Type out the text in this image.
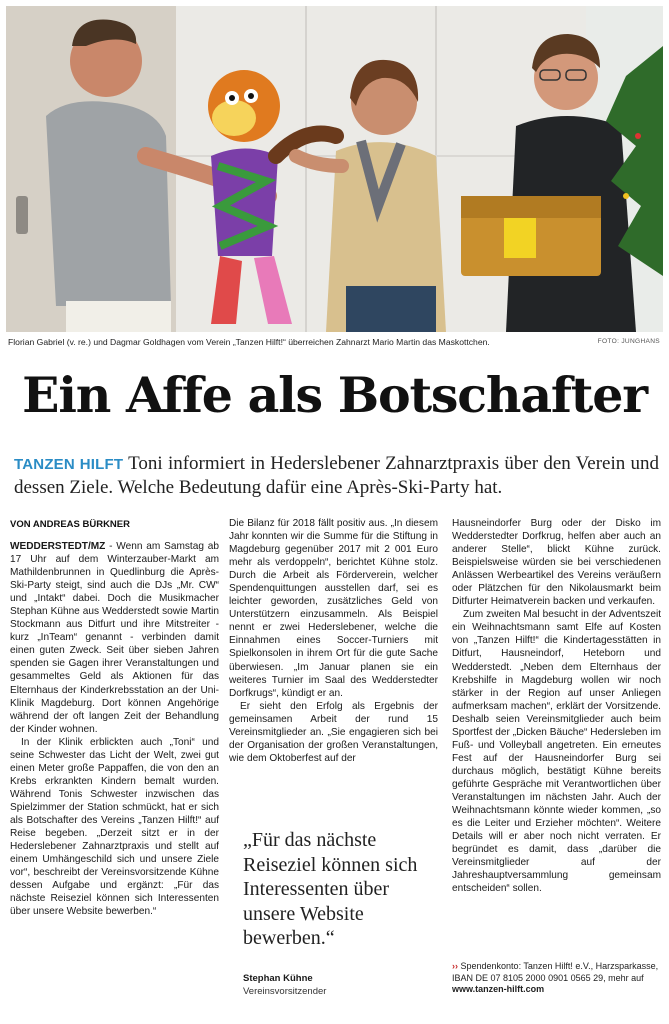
Florian Gabriel (v. re.) und Dagmar Goldhagen vom Verein „Tanzen Hilft!“ überreichen Zahnarzt Mario Martin das Maskottchen.	FOTO: JUNGHANS
Ein Affe als Botschafter
TANZEN HILFT Toni informiert in Hederslebener Zahnarztpraxis über den Verein und dessen Ziele. Welche Bedeutung dafür eine Après-Ski-Party hat.
VON ANDREAS BÜRKNER

WEDDERSTEDT/MZ - Wenn am Samstag ab 17 Uhr auf dem Winterzauber-Markt am Mathildenbrunnen in Quedlinburg die Après-Ski-Party steigt, sind auch die DJs „Mr. CW“ und „Intakt“ dabei. Doch die Musikmacher Stephan Kühne aus Wedderstedt sowie Martin Stockmann aus Ditfurt und ihre Mitstreiter - kurz „InTeam“ genannt - verbinden damit einen guten Zweck. Seit über sieben Jahren spenden sie Gagen ihrer Veranstaltungen und gesammeltes Geld als Aktionen für das Elternhaus der Kinderkrebsstation an der Uni-Klinik Magdeburg. Dort können Angehörige während der oft langen Zeit der Behandlung der Kinder wohnen.

In der Klinik erblickten auch „Toni“ und seine Schwester das Licht der Welt, zwei gut einen Meter große Pappaffen, die von den an Krebs erkrankten Kindern bemalt wurden. Während Tonis Schwester inzwischen das Spielzimmer der Station schmückt, hat er sich als Botschafter des Vereins „Tanzen Hilft!“ auf Reise begeben. „Derzeit sitzt er in der Hederslebener Zahnarztpraxis und stellt auf einem Umhängeschild sich und unsere Ziele vor“, beschreibt der Vereinsvorsitzende Kühne dessen Aufgabe und ergänzt: „Für das nächste Reiseziel können sich Interessenten über unsere Website bewerben.“

Die Bilanz für 2018 fällt positiv aus. „In diesem Jahr konnten wir die Summe für die Stiftung in Magdeburg gegenüber 2017 mit 2 001 Euro mehr als verdoppeln“, berichtet Kühne stolz. Durch die Arbeit als Förderverein, welcher Spendenquittungen ausstellen darf, sei es leichter geworden, zusätzliches Geld von Unterstützern einzusammeln. Als Beispiel nennt er zwei Hederslebener, welche die Einnahmen eines Soccer-Turniers mit Spielkonsolen in ihrem Ort für die gute Sache überwiesen. „Im Januar planen sie ein weiteres Turnier im Saal des Wedderstedter Dorfkrugs“, kündigt er an.

Er sieht den Erfolg als Ergebnis der gemeinsamen Arbeit der rund 15 Vereinsmitglieder an. „Sie engagieren sich bei der Organisation der großen Veranstaltungen, wie dem Oktoberfest auf der

Hausneindorfer Burg oder der Disko im Wedderstedter Dorfkrug, helfen aber auch an anderer Stelle“, blickt Kühne zurück. Beispielsweise würden sie bei verschiedenen Anlässen Werbeartikel des Vereins veräußern oder Plätzchen für den Nikolausmarkt beim Ditfurter Heimatverein backen und verkaufen.

Zum zweiten Mal besucht in der Adventszeit ein Weihnachtsmann samt Elfe auf Kosten von „Tanzen Hilft!“ die Kindertagesstätten in Ditfurt, Hausneindorf, Heteborn und Wedderstedt. „Neben dem Elternhaus der Krebshilfe in Magdeburg wollen wir noch stärker in der Region auf unser Anliegen aufmerksam machen“, erklärt der Vorsitzende. Deshalb seien Vereinsmitglieder auch beim Sportfest der „Dicken Bäuche“ Hedersleben im Fuß- und Volleyball angetreten. Ein erneutes Fest auf der Hausneindorfer Burg sei durchaus möglich, bestätigt Kühne bereits geführte Gespräche mit Verantwortlichen über Veranstaltungen im nächsten Jahr. Auch der Weihnachtsmann könnte wieder kommen, „so es die Leiter und Erzieher möchten“. Weitere Details will er aber noch nicht verraten. Er begründet es damit, dass „darüber die Vereinsmitglieder auf der Jahreshauptversammlung gemeinsam entscheiden“ sollen.

„Für das nächste Reiseziel können sich Interessenten über unsere Website bewerben.“
Stephan Kühne
Vereinsvorsitzender
›› Spendenkonto: Tanzen Hilft! e.V., Harzsparkasse, IBAN DE 07 8105 2000 0901 0565 29, mehr auf www.tanzen-hilft.com
